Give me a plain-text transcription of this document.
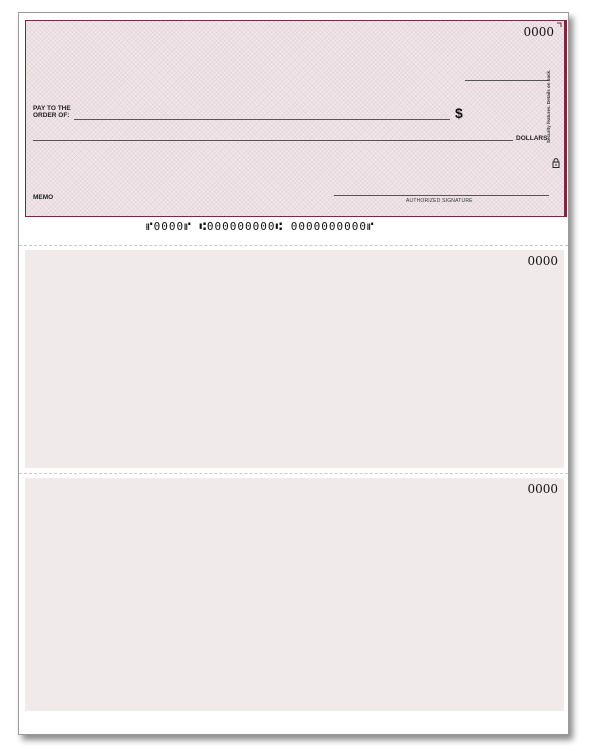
0000
PAY TO THE
ORDER OF:	$
DOLLARS
MEMO	AUTHORIZED SIGNATURE
Security features. Details on back.
⑈0000⑈ ⑆000000000⑆ 0000000000⑈
0000
0000
